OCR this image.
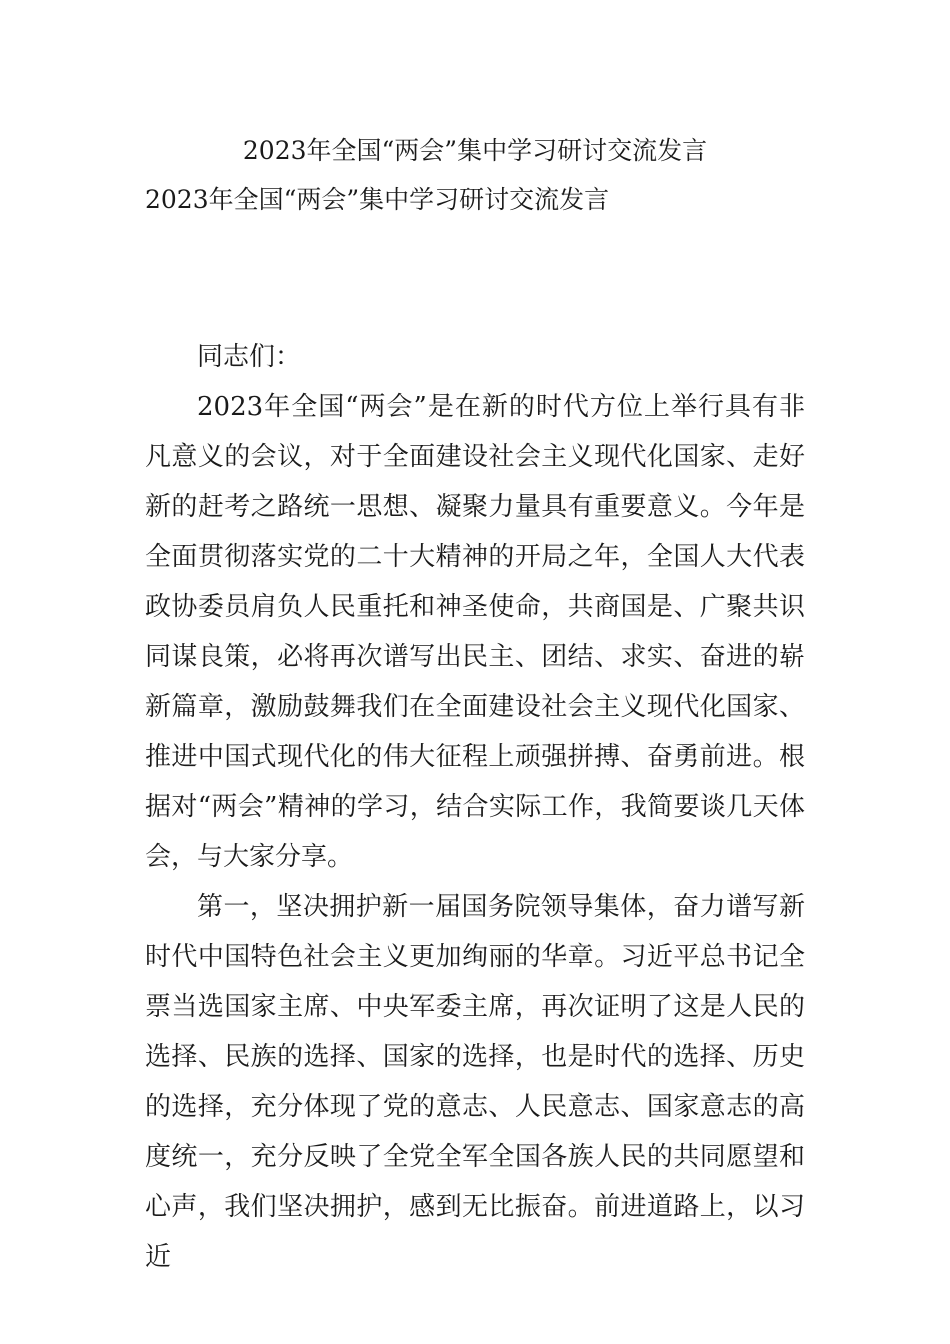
2023年全国“两会”集中学习研讨交流发言
2023年全国“两会”集中学习研讨交流发言

同志们：

2023年全国“两会”是在新的时代方位上举行具有非凡意义的会议，对于全面建设社会主义现代化国家、走好新的赶考之路统一思想、凝聚力量具有重要意义。今年是全面贯彻落实党的二十大精神的开局之年，全国人大代表政协委员肩负人民重托和神圣使命，共商国是、广聚共识同谋良策，必将再次谱写出民主、团结、求实、奋进的崭新篇章，激励鼓舞我们在全面建设社会主义现代化国家、推进中国式现代化的伟大征程上顽强拼搏、奋勇前进。根据对“两会”精神的学习，结合实际工作，我简要谈几天体会，与大家分享。

第一，坚决拥护新一届国务院领导集体，奋力谱写新时代中国特色社会主义更加绚丽的华章。习近平总书记全票当选国家主席、中央军委主席，再次证明了这是人民的选择、民族的选择、国家的选择，也是时代的选择、历史的选择，充分体现了党的意志、人民意志、国家意志的高度统一，充分反映了全党全军全国各族人民的共同愿望和心声，我们坚决拥护，感到无比振奋。前进道路上，以习近
